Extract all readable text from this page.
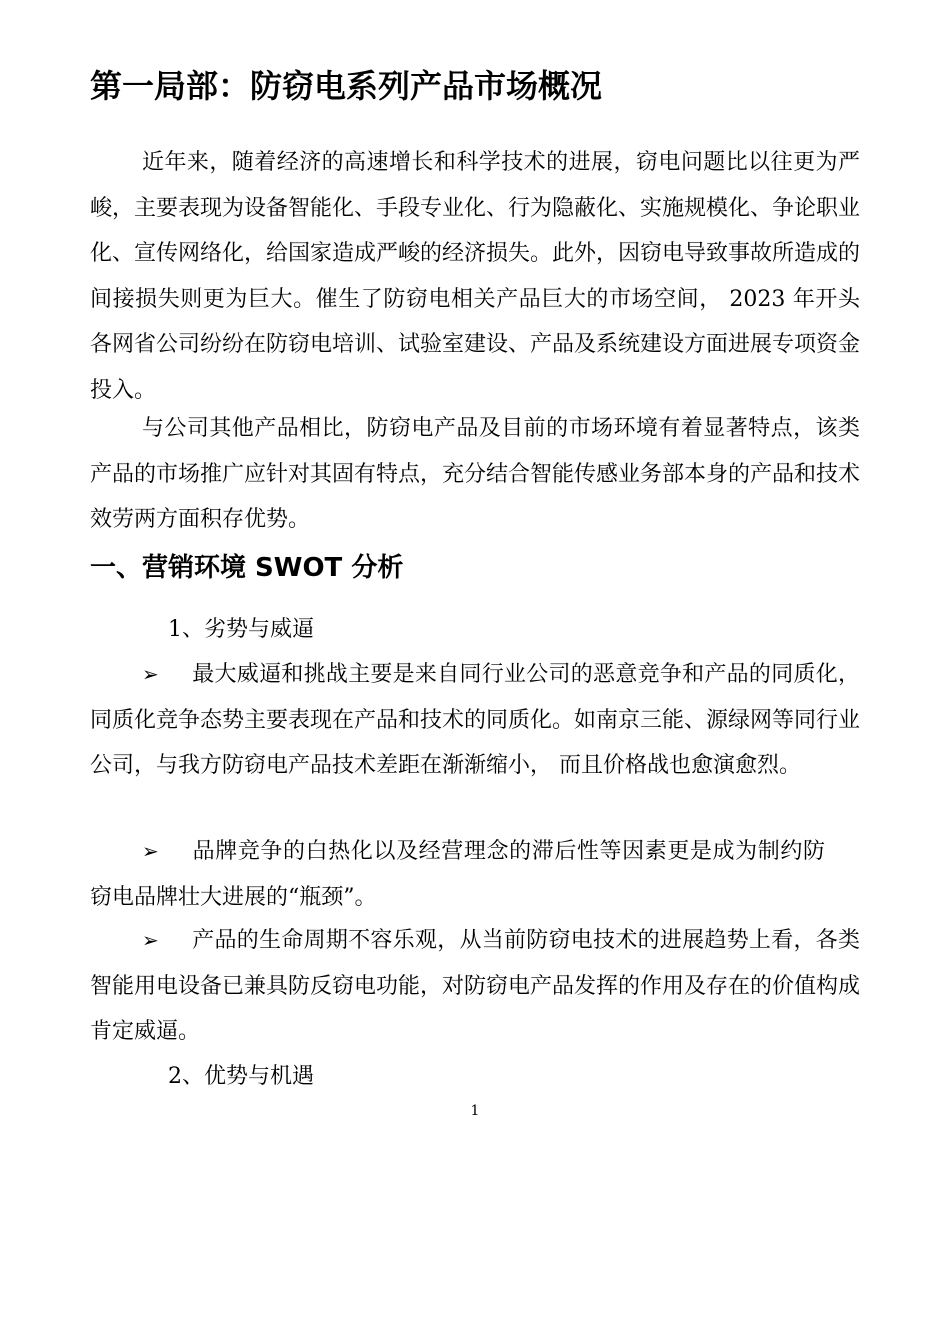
第一局部：防窃电系列产品市场概况

近年来，随着经济的高速增长和科学技术的进展，窃电问题比以往更为严峻，主要表现为设备智能化、手段专业化、行为隐蔽化、实施规模化、争论职业化、宣传网络化，给国家造成严峻的经济损失。此外，因窃电导致事故所造成的间接损失则更为巨大。催生了防窃电相关产品巨大的市场空间， 2023 年开头各网省公司纷纷在防窃电培训、试验室建设、产品及系统建设方面进展专项资金投入。

与公司其他产品相比，防窃电产品及目前的市场环境有着显著特点，该类产品的市场推广应针对其固有特点，充分结合智能传感业务部本身的产品和技术效劳两方面积存优势。

一、营销环境 SWOT 分析
1、劣势与威逼

➢ 最大威逼和挑战主要是来自同行业公司的恶意竞争和产品的同质化，同质化竞争态势主要表现在产品和技术的同质化。如南京三能、源绿网等同行业公司，与我方防窃电产品技术差距在渐渐缩小， 而且价格战也愈演愈烈。

➢ 品牌竞争的白热化以及经营理念的滞后性等因素更是成为制约防窃电品牌壮大进展的“瓶颈”。

➢ 产品的生命周期不容乐观，从当前防窃电技术的进展趋势上看，各类智能用电设备已兼具防反窃电功能，对防窃电产品发挥的作用及存在的价值构成肯定威逼。

2、优势与机遇
1
